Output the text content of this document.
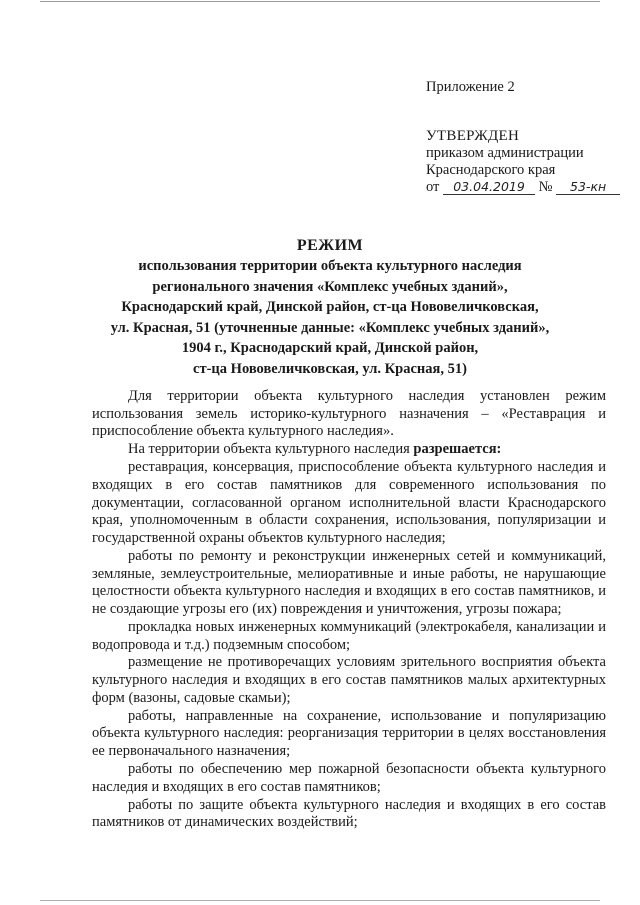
Приложение 2
УТВЕРЖДЕН
приказом администрации
Краснодарского края
от 03.04.2019 № 53-кн
РЕЖИМ
использования территории объекта культурного наследия
регионального значения «Комплекс учебных зданий»,
Краснодарский край, Динской район, ст-ца Нововеличковская,
ул. Красная, 51 (уточненные данные: «Комплекс учебных зданий»,
1904 г., Краснодарский край, Динской район,
ст-ца Нововеличковская, ул. Красная, 51)

Для территории объекта культурного наследия установлен режим использования земель историко-культурного назначения – «Реставрация и приспособление объекта культурного наследия».

На территории объекта культурного наследия разрешается:

реставрация, консервация, приспособление объекта культурного наследия и входящих в его состав памятников для современного использования по документации, согласованной органом исполнительной власти Краснодарского края, уполномоченным в области сохранения, использования, популяризации и государственной охраны объектов культурного наследия;

работы по ремонту и реконструкции инженерных сетей и коммуникаций, земляные, землеустроительные, мелиоративные и иные работы, не нарушающие целостности объекта культурного наследия и входящих в его состав памятников, и не создающие угрозы его (их) повреждения и уничтожения, угрозы пожара;

прокладка новых инженерных коммуникаций (электрокабеля, канализации и водопровода и т.д.) подземным способом;

размещение не противоречащих условиям зрительного восприятия объекта культурного наследия и входящих в его состав памятников малых архитектурных форм (вазоны, садовые скамьи);

работы, направленные на сохранение, использование и популяризацию объекта культурного наследия: реорганизация территории в целях восстановления ее первоначального назначения;

работы по обеспечению мер пожарной безопасности объекта культурного наследия и входящих в его состав памятников;

работы по защите объекта культурного наследия и входящих в его состав памятников от динамических воздействий;
